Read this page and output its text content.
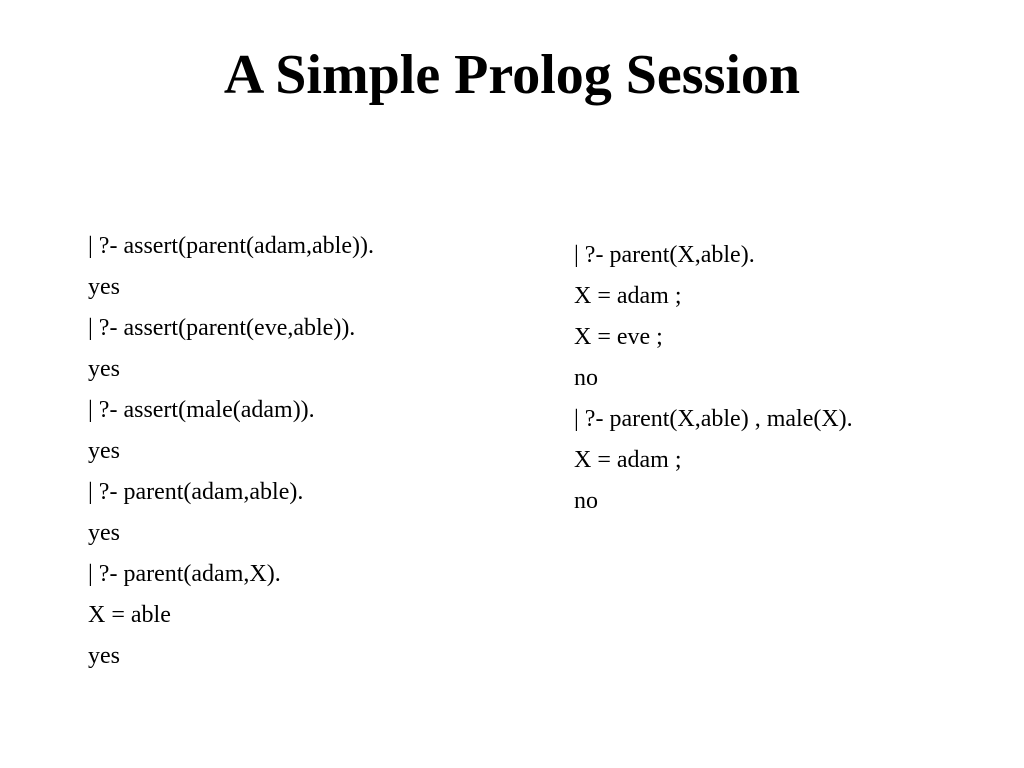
A Simple Prolog Session
| ?- assert(parent(adam,able)).
yes
| ?- assert(parent(eve,able)).
yes
| ?- assert(male(adam)).
yes
| ?- parent(adam,able).
yes
| ?- parent(adam,X).
X = able
yes
| ?- parent(X,able).
X = adam ;
X = eve ;
no
| ?- parent(X,able) , male(X).
X = adam ;
no
